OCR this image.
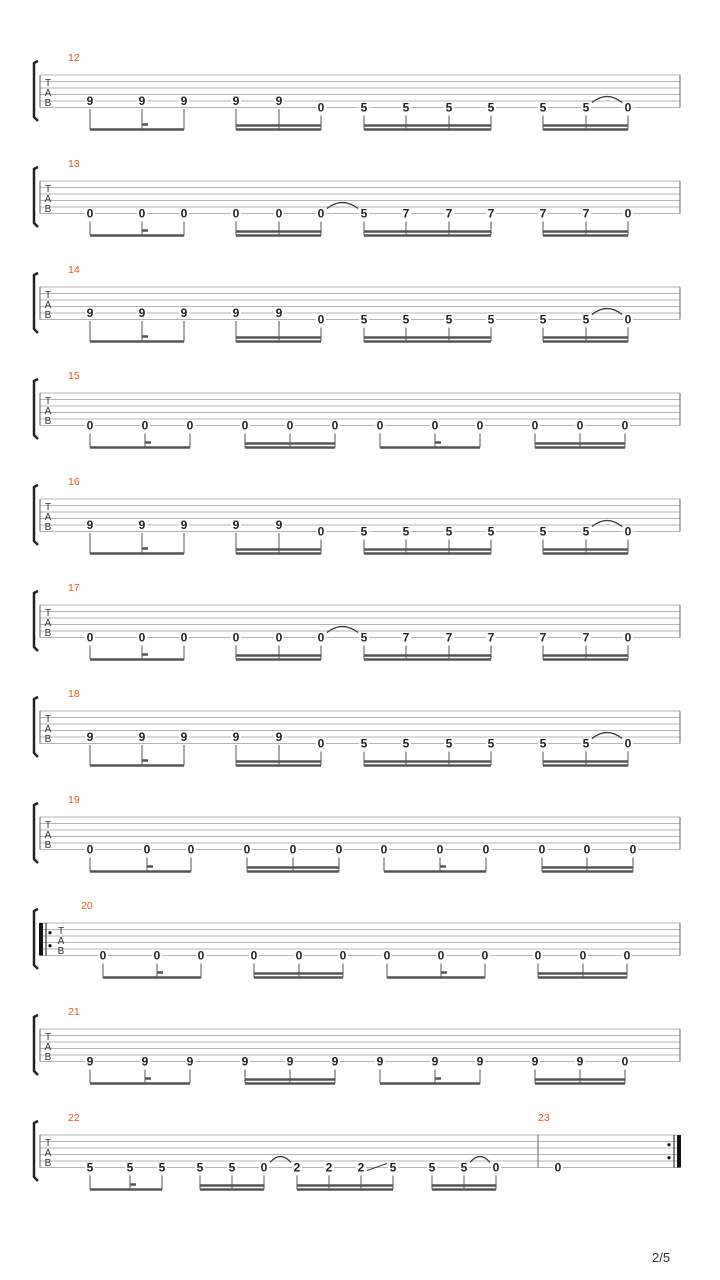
T
A
B
12
9	9	9	9	9	0	5	5	5	5	5	5	0
T
A
B
13
0	0	0	0	0	0	5	7	7	7	7	7	0
T
A
B
14
9	9	9	9	9	0	5	5	5	5	5	5	0
T
A
B
15
0	0	0	0	0	0	0	0	0	0	0	0
T
A
B
16
9	9	9	9	9	0	5	5	5	5	5	5	0
T
A
B
17
0	0	0	0	0	0	5	7	7	7	7	7	0
T
A
B
18
9	9	9	9	9	0	5	5	5	5	5	5	0
T
A
B
19
0	0	0	0	0	0	0	0	0	0	0	0
T
A
B
20
0	0	0	0	0	0	0	0	0	0	0	0
T
A
B
21
9	9	9	9	9	9	9	9	9	9	9	0
T
A
B
22	23
5	5 5	5 5 0 2 2 2 5	5 5 0	0
2/5
